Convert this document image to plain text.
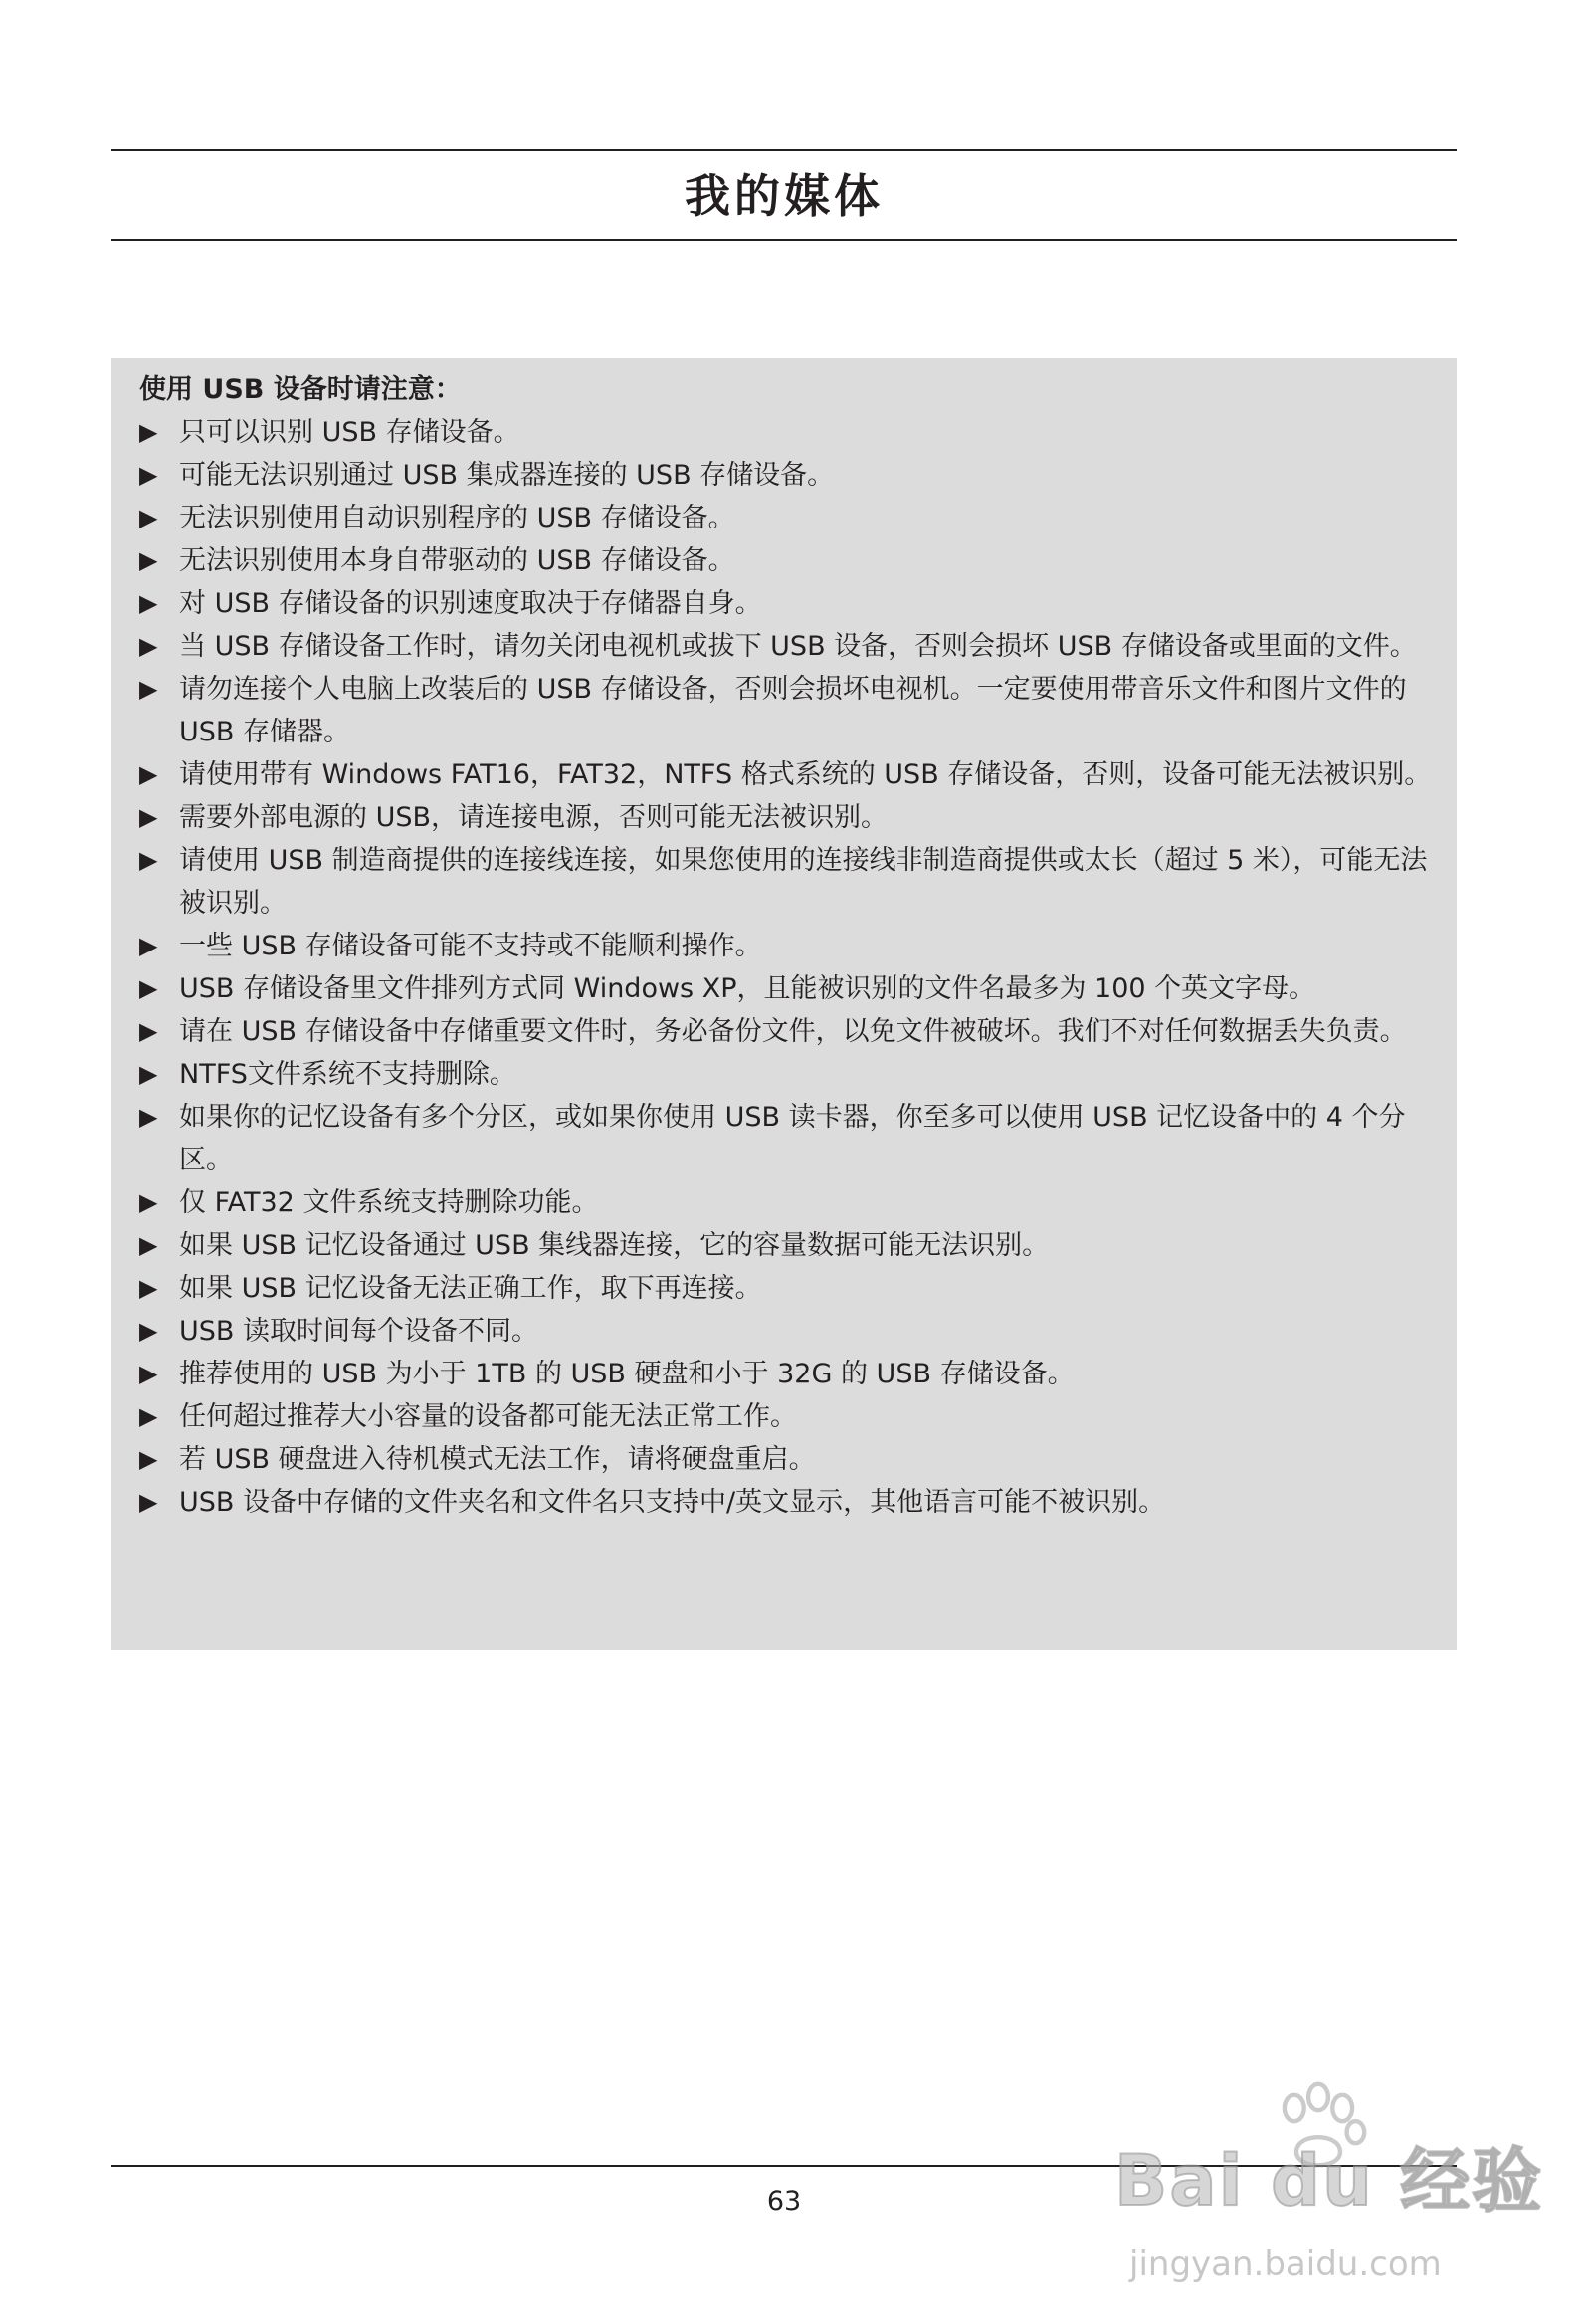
我的媒体
使用 USB 设备时请注意：
▶ 只可以识别 USB 存储设备。
▶ 可能无法识别通过 USB 集成器连接的 USB 存储设备。
▶ 无法识别使用自动识别程序的 USB 存储设备。
▶ 无法识别使用本身自带驱动的 USB 存储设备。
▶ 对 USB 存储设备的识别速度取决于存储器自身。
▶ 当 USB 存储设备工作时，请勿关闭电视机或拔下 USB 设备，否则会损坏 USB 存储设备或里面的文件。
▶ 请勿连接个人电脑上改装后的 USB 存储设备，否则会损坏电视机。一定要使用带音乐文件和图片文件的 USB 存储器。
▶ 请使用带有 Windows FAT16，FAT32，NTFS 格式系统的 USB 存储设备，否则，设备可能无法被识别。
▶ 需要外部电源的 USB，请连接电源，否则可能无法被识别。
▶ 请使用 USB 制造商提供的连接线连接，如果您使用的连接线非制造商提供或太长（超过 5 米），可能无法被识别。
▶ 一些 USB 存储设备可能不支持或不能顺利操作。
▶ USB 存储设备里文件排列方式同 Windows XP，且能被识别的文件名最多为 100 个英文字母。
▶ 请在 USB 存储设备中存储重要文件时，务必备份文件，以免文件被破坏。我们不对任何数据丢失负责。
▶ NTFS文件系统不支持删除。
▶ 如果你的记忆设备有多个分区，或如果你使用 USB 读卡器，你至多可以使用 USB 记忆设备中的 4 个分区。
▶ 仅 FAT32 文件系统支持删除功能。
▶ 如果 USB 记忆设备通过 USB 集线器连接，它的容量数据可能无法识别。
▶ 如果 USB 记忆设备无法正确工作，取下再连接。
▶ USB 读取时间每个设备不同。
▶ 推荐使用的 USB 为小于 1TB 的 USB 硬盘和小于 32G 的 USB 存储设备。
▶ 任何超过推荐大小容量的设备都可能无法正常工作。
▶ 若 USB 硬盘进入待机模式无法工作，请将硬盘重启。
▶ USB 设备中存储的文件夹名和文件名只支持中/英文显示，其他语言可能不被识别。
63	Bai du 经验
jingyan.baidu.com
